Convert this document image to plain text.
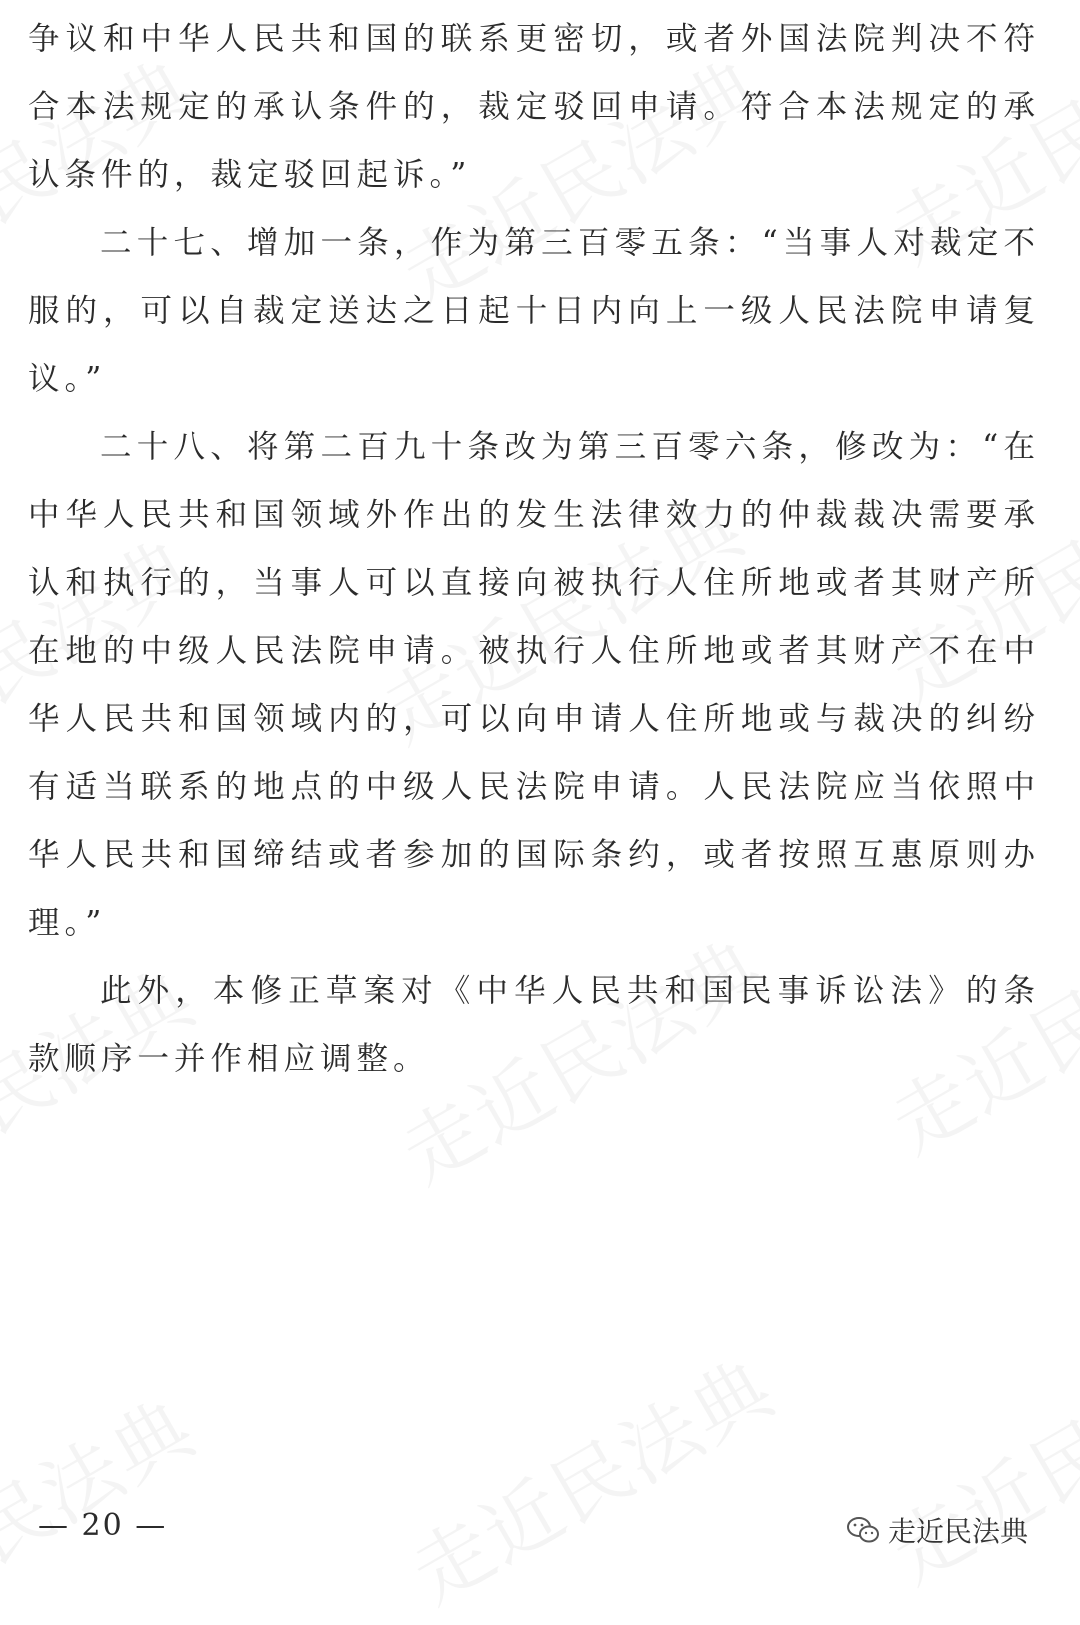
争议和中华人民共和国的联系更密切，或者外国法院判决不符合本法规定的承认条件的，裁定驳回申请。符合本法规定的承认条件的，裁定驳回起诉。”

二十七、增加一条，作为第三百零五条：“当事人对裁定不服的，可以自裁定送达之日起十日内向上一级人民法院申请复议。”

二十八、将第二百九十条改为第三百零六条，修改为：“在中华人民共和国领域外作出的发生法律效力的仲裁裁决需要承认和执行的，当事人可以直接向被执行人住所地或者其财产所在地的中级人民法院申请。被执行人住所地或者其财产不在中华人民共和国领域内的，可以向申请人住所地或与裁决的纠纷有适当联系的地点的中级人民法院申请。人民法院应当依照中华人民共和国缔结或者参加的国际条约，或者按照互惠原则办理。”

此外，本修正草案对《中华人民共和国民事诉讼法》的条款顺序一并作相应调整。

— 20 —	走近民法典
